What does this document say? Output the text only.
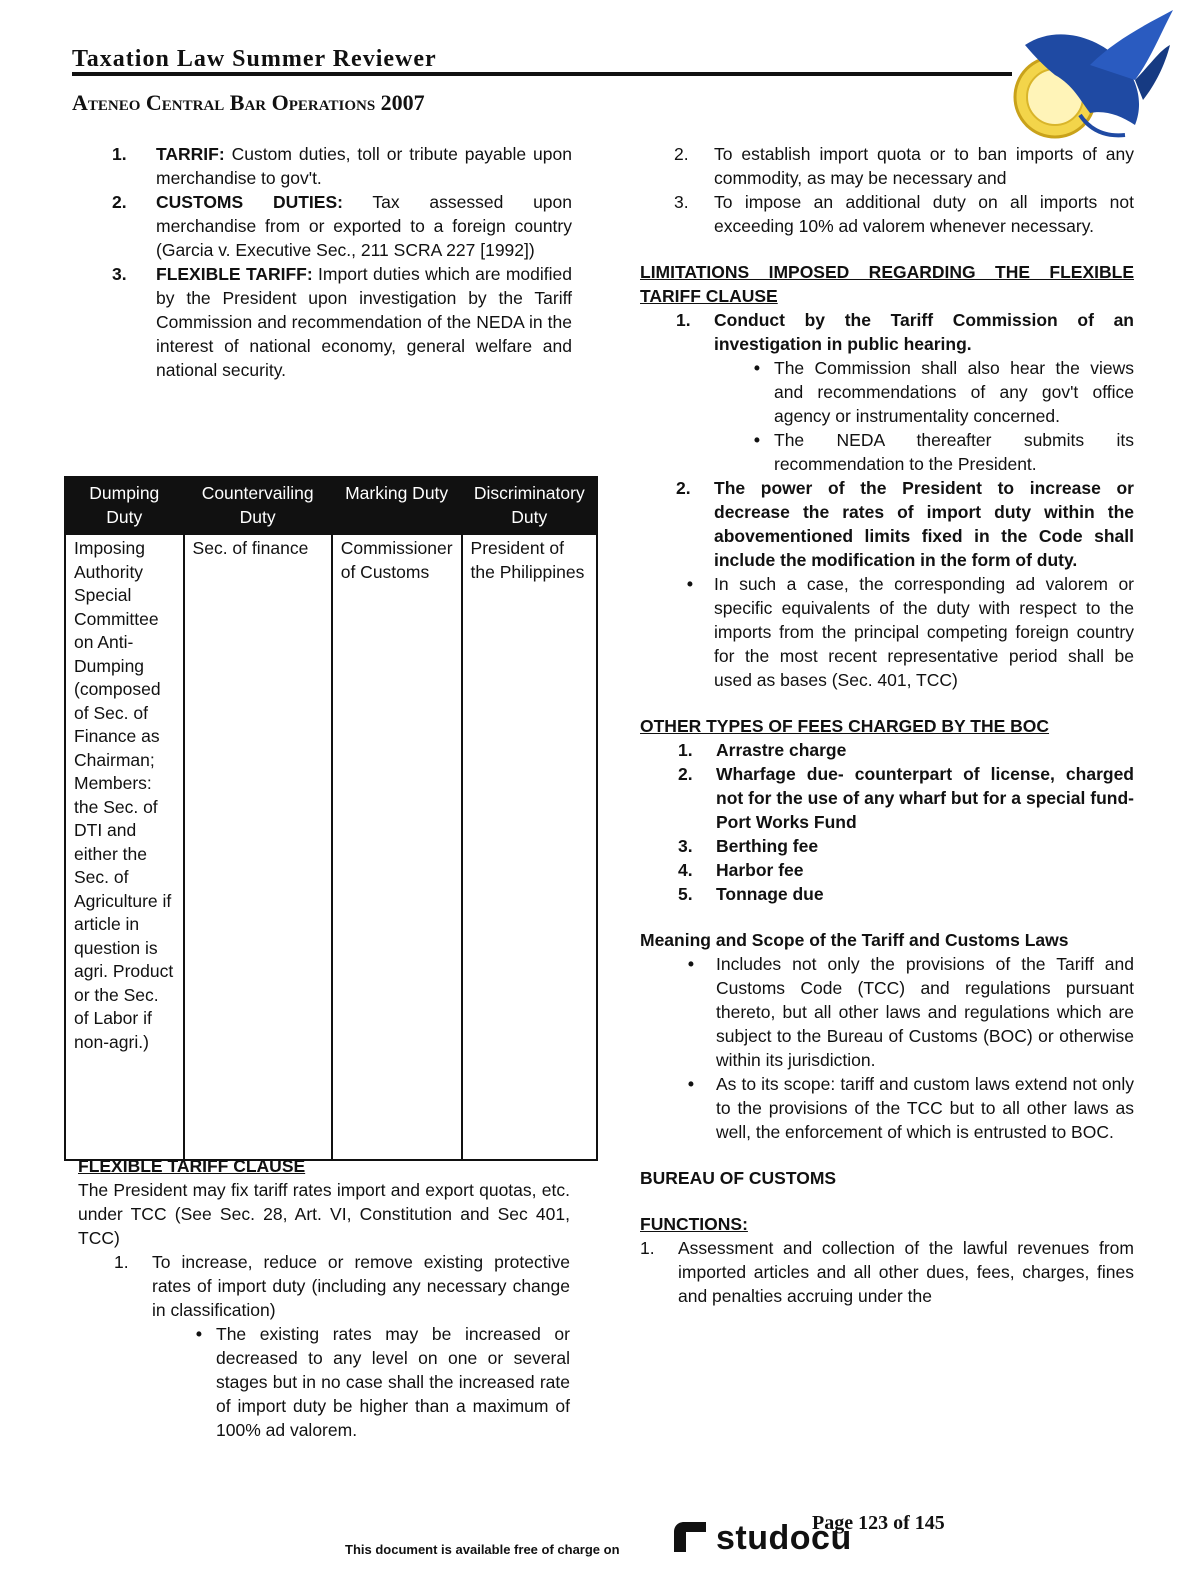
Taxation Law Summer Reviewer
Ateneo Central Bar Operations 2007
1.	TARRIF: Custom duties, toll or tribute payable upon merchandise to gov't.
2.	CUSTOMS DUTIES: Tax assessed upon merchandise from or exported to a foreign country (Garcia v. Executive Sec., 211 SCRA 227 [1992])
3.	FLEXIBLE TARIFF: Import duties which are modified by the President upon investigation by the Tariff Commission and recommendation of the NEDA in the interest of national economy, general welfare and national security.
Dumping Duty	Countervailing Duty	Marking Duty	Discriminatory Duty
Imposing Authority Special Committee on Anti-Dumping (composed of Sec. of Finance as Chairman; Members: the Sec. of DTI and either the Sec. of Agriculture if article in question is agri. Product or the Sec. of Labor if non-agri.)	Sec. of finance	Commissioner of Customs	President of the Philippines
FLEXIBLE TARIFF CLAUSE
The President may fix tariff rates import and export quotas, etc. under TCC (See Sec. 28, Art. VI, Constitution and Sec 401, TCC)
1.	To increase, reduce or remove existing protective rates of import duty (including any necessary change in classification)
• The existing rates may be increased or decreased to any level on one or several stages but in no case shall the increased rate of import duty be higher than a maximum of 100% ad valorem.
2.	To establish import quota or to ban imports of any commodity, as may be necessary and
3.	To impose an additional duty on all imports not exceeding 10% ad valorem whenever necessary.
LIMITATIONS IMPOSED REGARDING THE FLEXIBLE TARIFF CLAUSE
1.	Conduct by the Tariff Commission of an investigation in public hearing.
• The Commission shall also hear the views and recommendations of any gov't office agency or instrumentality concerned.
• The NEDA thereafter submits its recommendation to the President.
2.	The power of the President to increase or decrease the rates of import duty within the abovementioned limits fixed in the Code shall include the modification in the form of duty.
•	In such a case, the corresponding ad valorem or specific equivalents of the duty with respect to the imports from the principal competing foreign country for the most recent representative period shall be used as bases (Sec. 401, TCC)
OTHER TYPES OF FEES CHARGED BY THE BOC
1.	Arrastre charge
2.	Wharfage due- counterpart of license, charged not for the use of any wharf but for a special fund- Port Works Fund
3.	Berthing fee
4.	Harbor fee
5.	Tonnage due
Meaning and Scope of the Tariff and Customs Laws
•	Includes not only the provisions of the Tariff and Customs Code (TCC) and regulations pursuant thereto, but all other laws and regulations which are subject to the Bureau of Customs (BOC) or otherwise within its jurisdiction.
•	As to its scope: tariff and custom laws extend not only to the provisions of the TCC but to all other laws as well, the enforcement of which is entrusted to BOC.
BUREAU OF CUSTOMS
FUNCTIONS:
1.	Assessment and collection of the lawful revenues from imported articles and all other dues, fees, charges, fines and penalties accruing under the
Page 123 of 145
This document is available free of charge on	studocu
